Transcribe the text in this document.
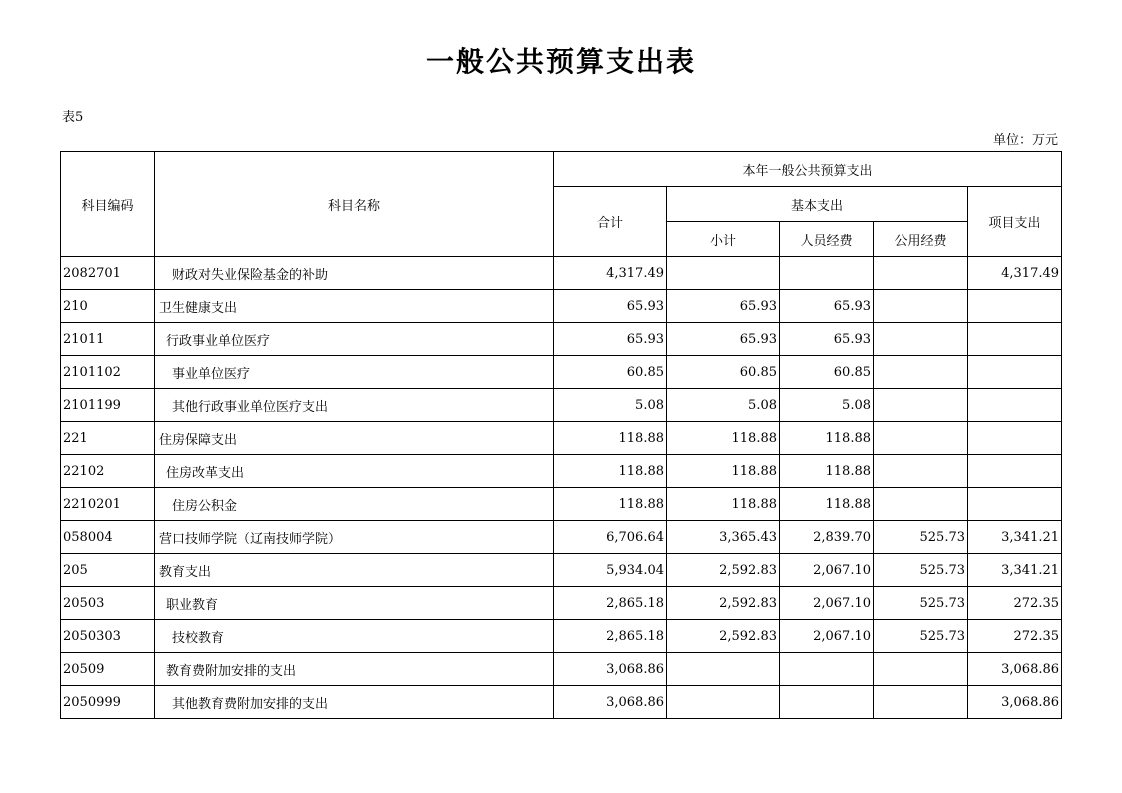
一般公共预算支出表
表5
单位：万元
科目编码	科目名称	本年一般公共预算支出				
		合计	基本支出			项目支出
			小计	人员经费	公用经费	
2082701	财政对失业保险基金的补助	4,317.49				4,317.49
210	卫生健康支出	65.93	65.93	65.93		
21011	行政事业单位医疗	65.93	65.93	65.93		
2101102	事业单位医疗	60.85	60.85	60.85		
2101199	其他行政事业单位医疗支出	5.08	5.08	5.08		
221	住房保障支出	118.88	118.88	118.88		
22102	住房改革支出	118.88	118.88	118.88		
2210201	住房公积金	118.88	118.88	118.88		
058004	营口技师学院（辽南技师学院）	6,706.64	3,365.43	2,839.70	525.73	3,341.21
205	教育支出	5,934.04	2,592.83	2,067.10	525.73	3,341.21
20503	职业教育	2,865.18	2,592.83	2,067.10	525.73	272.35
2050303	技校教育	2,865.18	2,592.83	2,067.10	525.73	272.35
20509	教育费附加安排的支出	3,068.86				3,068.86
2050999	其他教育费附加安排的支出	3,068.86				3,068.86
